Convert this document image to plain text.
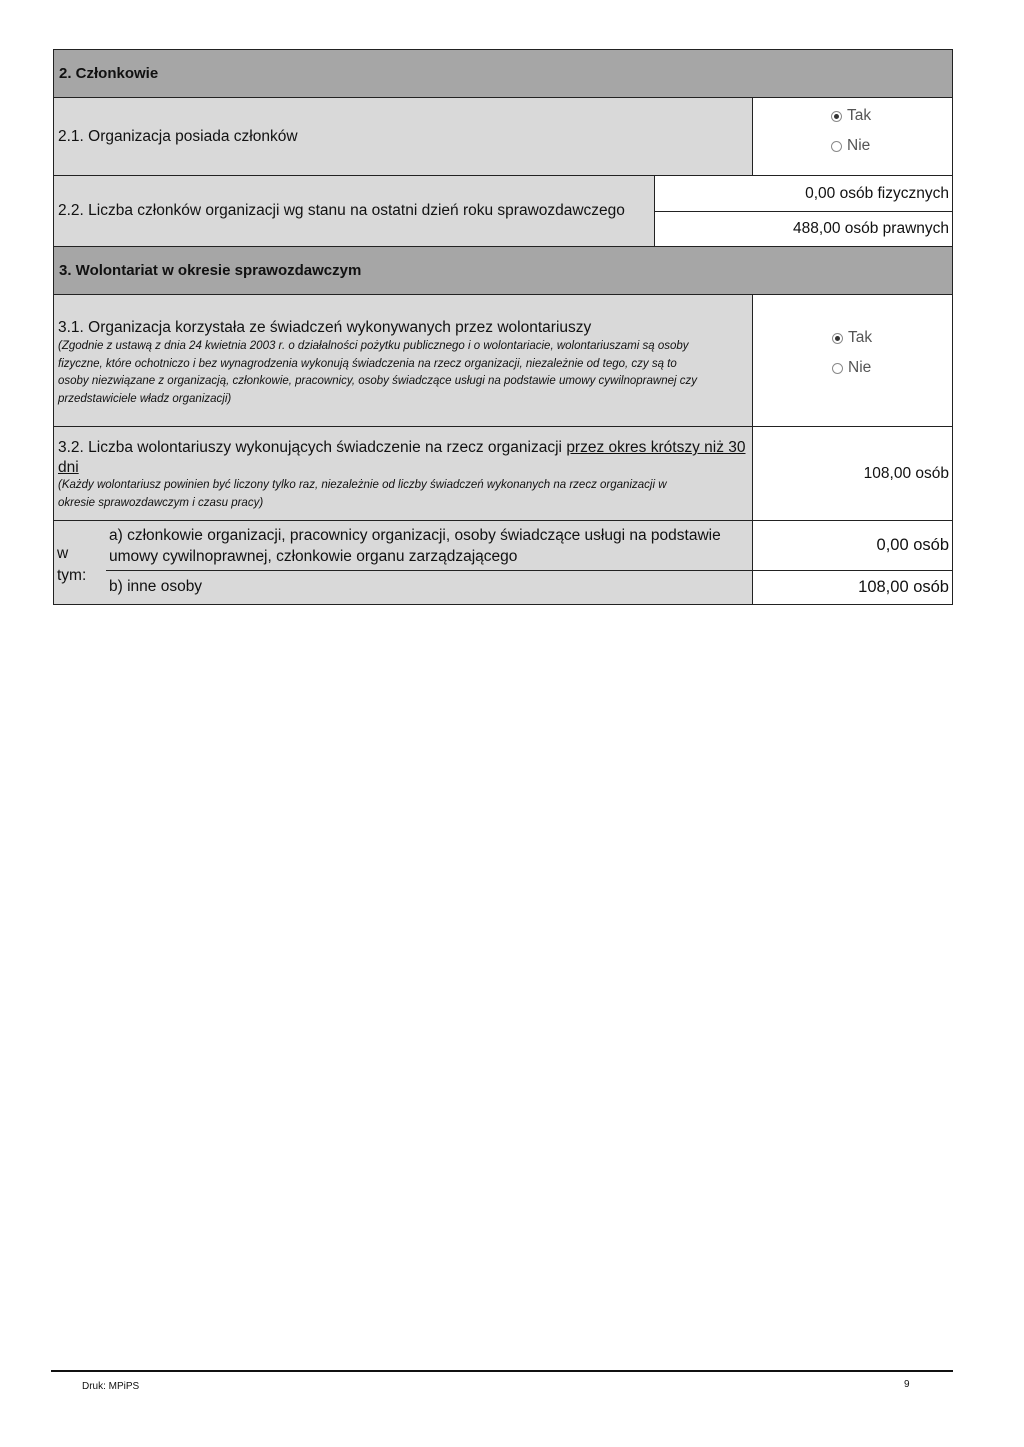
2. Członkowie
2.1. Organizacja posiada członków
Tak
Nie
2.2. Liczba członków organizacji wg stanu na ostatni dzień roku sprawozdawczego
0,00 osób fizycznych
488,00 osób prawnych
3. Wolontariat w okresie sprawozdawczym
3.1. Organizacja korzystała ze świadczeń wykonywanych przez wolontariuszy
(Zgodnie z ustawą z dnia 24 kwietnia 2003 r. o działalności pożytku publicznego i o wolontariacie, wolontariuszami są osoby
fizyczne, które ochotniczo i bez wynagrodzenia wykonują świadczenia na rzecz organizacji, niezależnie od tego, czy są to
osoby niezwiązane z organizacją, członkowie, pracownicy, osoby świadczące usługi na podstawie umowy cywilnoprawnej czy
przedstawiciele władz organizacji)
Tak
Nie
3.2. Liczba wolontariuszy wykonujących świadczenie na rzecz organizacji przez okres krótszy niż 30
dni
(Każdy wolontariusz powinien być liczony tylko raz, niezależnie od liczby świadczeń wykonanych na rzecz organizacji w
okresie sprawozdawczym i czasu pracy)
108,00 osób
w
tym:
a) członkowie organizacji, pracownicy organizacji, osoby świadczące usługi na podstawie
umowy cywilnoprawnej, członkowie organu zarządzającego
b) inne osoby
0,00 osób
108,00 osób
Druk: MPiPS	9
